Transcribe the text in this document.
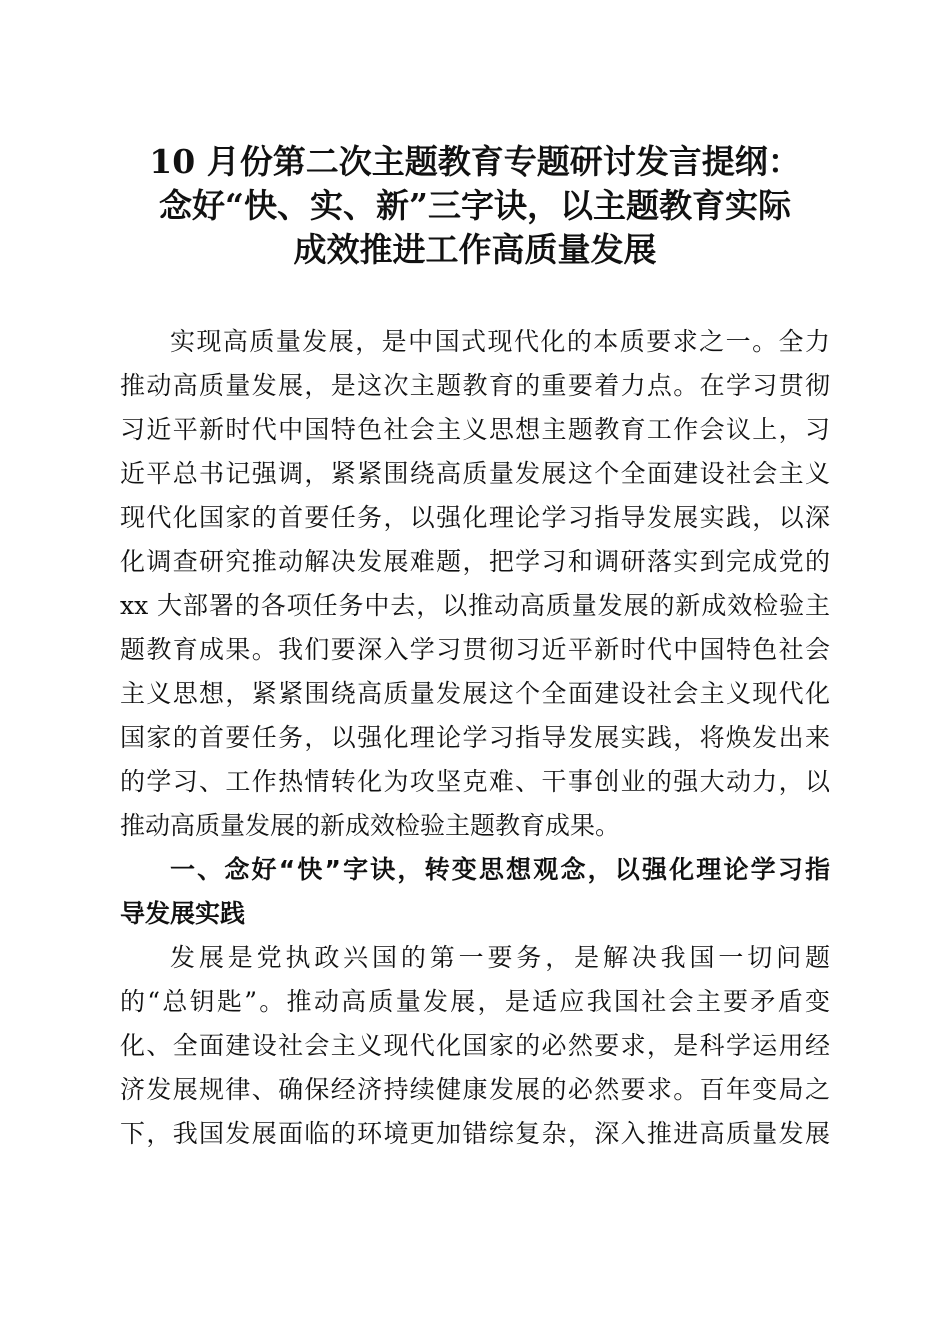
10 月份第二次主题教育专题研讨发言提纲：
念好“快、实、新”三字诀，以主题教育实际
成效推进工作高质量发展
实现高质量发展，是中国式现代化的本质要求之一。全力
推动高质量发展，是这次主题教育的重要着力点。在学习贯彻
习近平新时代中国特色社会主义思想主题教育工作会议上，习
近平总书记强调，紧紧围绕高质量发展这个全面建设社会主义
现代化国家的首要任务，以强化理论学习指导发展实践，以深
化调查研究推动解决发展难题，把学习和调研落实到完成党的
xx 大部署的各项任务中去，以推动高质量发展的新成效检验主
题教育成果。我们要深入学习贯彻习近平新时代中国特色社会
主义思想，紧紧围绕高质量发展这个全面建设社会主义现代化
国家的首要任务，以强化理论学习指导发展实践，将焕发出来
的学习、工作热情转化为攻坚克难、干事创业的强大动力，以
推动高质量发展的新成效检验主题教育成果。
一、念好“快”字诀，转变思想观念，以强化理论学习指
导发展实践
发展是党执政兴国的第一要务，是解决我国一切问题
的“总钥匙”。推动高质量发展，是适应我国社会主要矛盾变
化、全面建设社会主义现代化国家的必然要求，是科学运用经
济发展规律、确保经济持续健康发展的必然要求。百年变局之
下，我国发展面临的环境更加错综复杂，深入推进高质量发展
